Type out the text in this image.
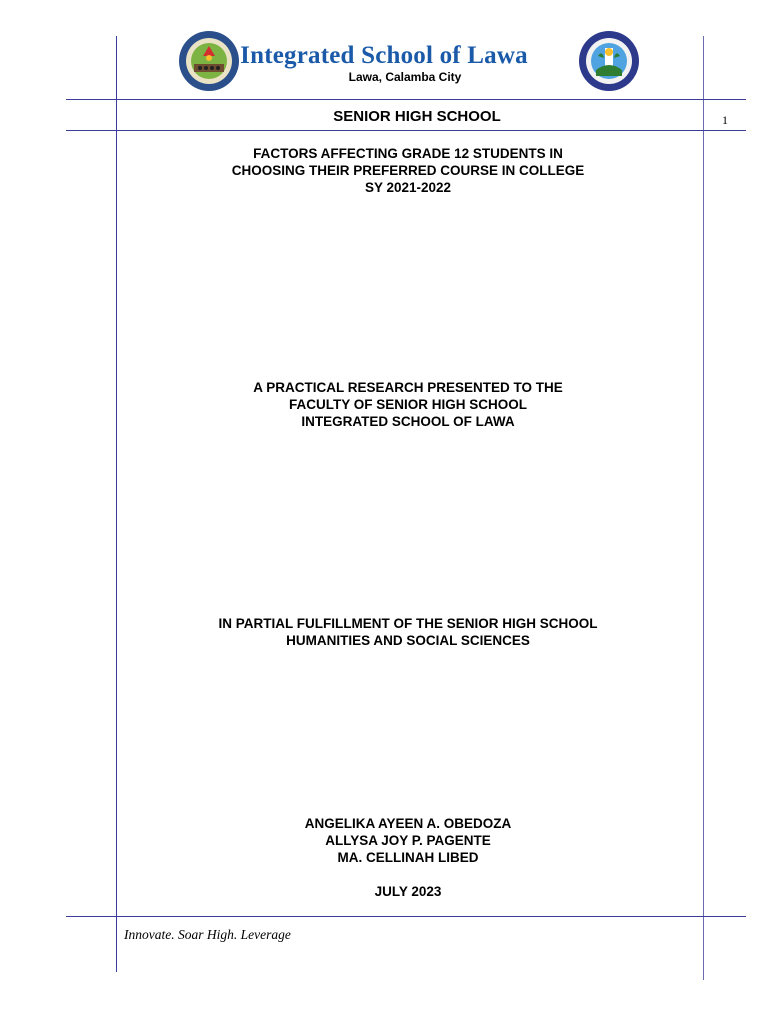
Integrated School of Lawa
Lawa, Calamba City
SENIOR HIGH SCHOOL	1
FACTORS AFFECTING GRADE 12 STUDENTS IN
CHOOSING THEIR PREFERRED COURSE IN COLLEGE
SY 2021-2022
A PRACTICAL RESEARCH PRESENTED TO THE
FACULTY OF SENIOR HIGH SCHOOL
INTEGRATED SCHOOL OF LAWA
IN PARTIAL FULFILLMENT OF THE SENIOR HIGH SCHOOL
HUMANITIES AND SOCIAL SCIENCES
ANGELIKA AYEEN A. OBEDOZA
ALLYSA JOY P. PAGENTE
MA. CELLINAH LIBED
JULY 2023
Innovate. Soar High. Leverage
